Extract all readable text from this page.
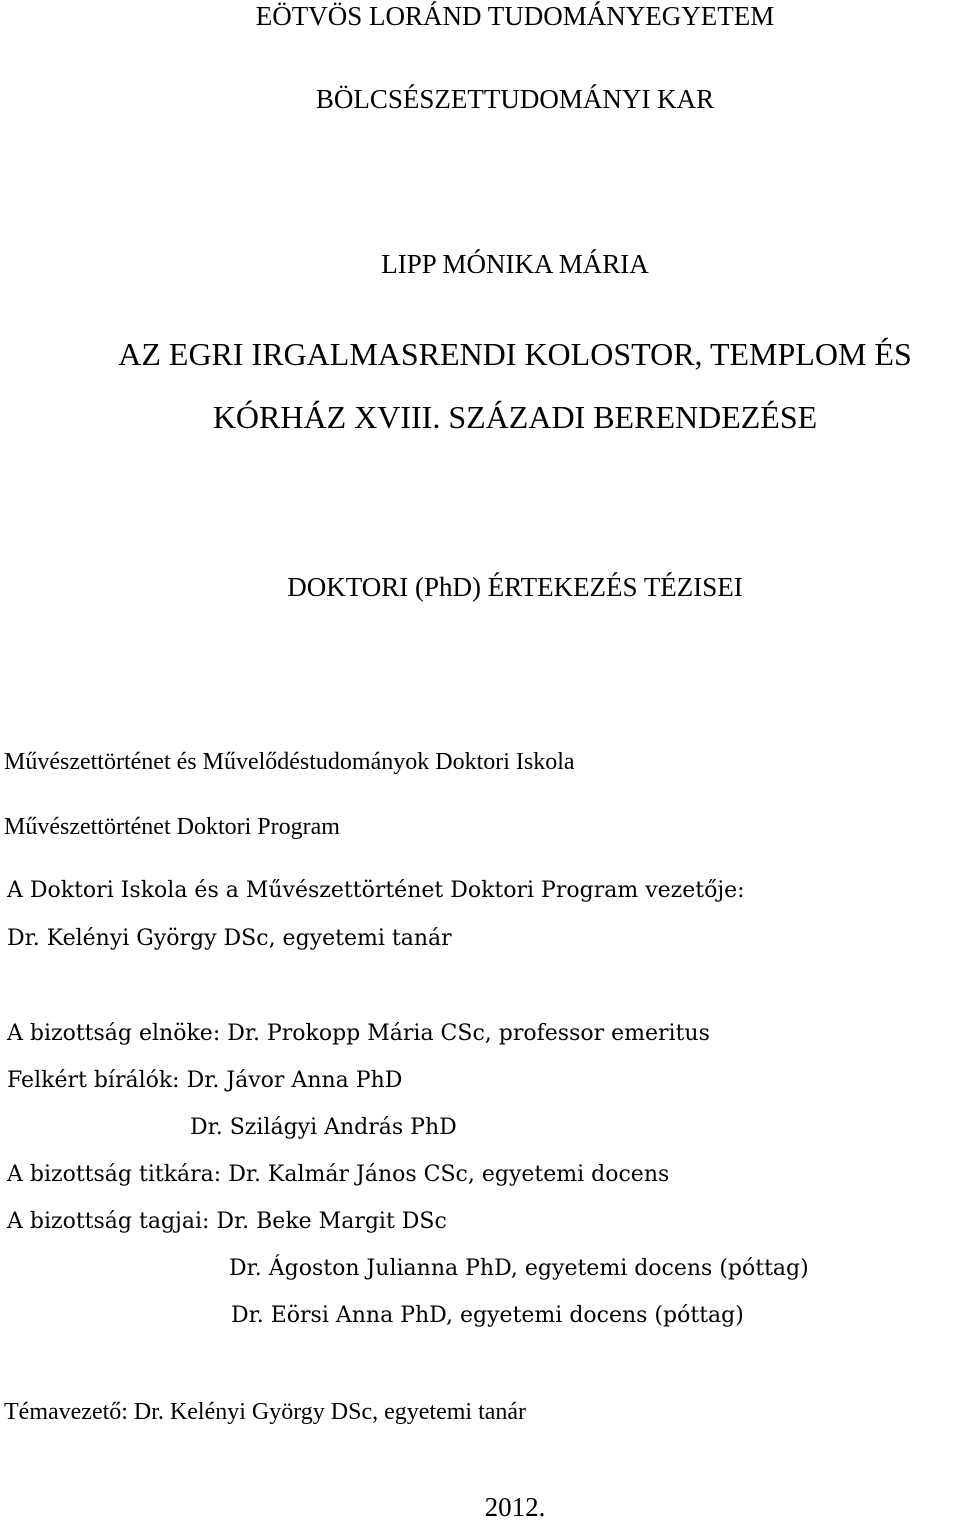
EÖTVÖS LORÁND TUDOMÁNYEGYETEM
BÖLCSÉSZETTUDOMÁNYI KAR
LIPP MÓNIKA MÁRIA
AZ EGRI IRGALMASRENDI KOLOSTOR, TEMPLOM ÉS
KÓRHÁZ XVIII. SZÁZADI BERENDEZÉSE
DOKTORI (PhD) ÉRTEKEZÉS TÉZISEI
Művészettörténet és Művelődéstudományok Doktori Iskola
Művészettörténet Doktori Program
A Doktori Iskola és a Művészettörténet Doktori Program vezetője:
Dr. Kelényi György DSc, egyetemi tanár
A bizottság elnöke: Dr. Prokopp Mária CSc, professor emeritus
Felkért bírálók: Dr. Jávor Anna PhD
Dr. Szilágyi András PhD
A bizottság titkára: Dr. Kalmár János CSc, egyetemi docens
A bizottság tagjai: Dr. Beke Margit DSc
Dr. Ágoston Julianna PhD, egyetemi docens (póttag)
Dr. Eörsi Anna PhD, egyetemi docens (póttag)
Témavezető: Dr. Kelényi György DSc, egyetemi tanár
2012.
